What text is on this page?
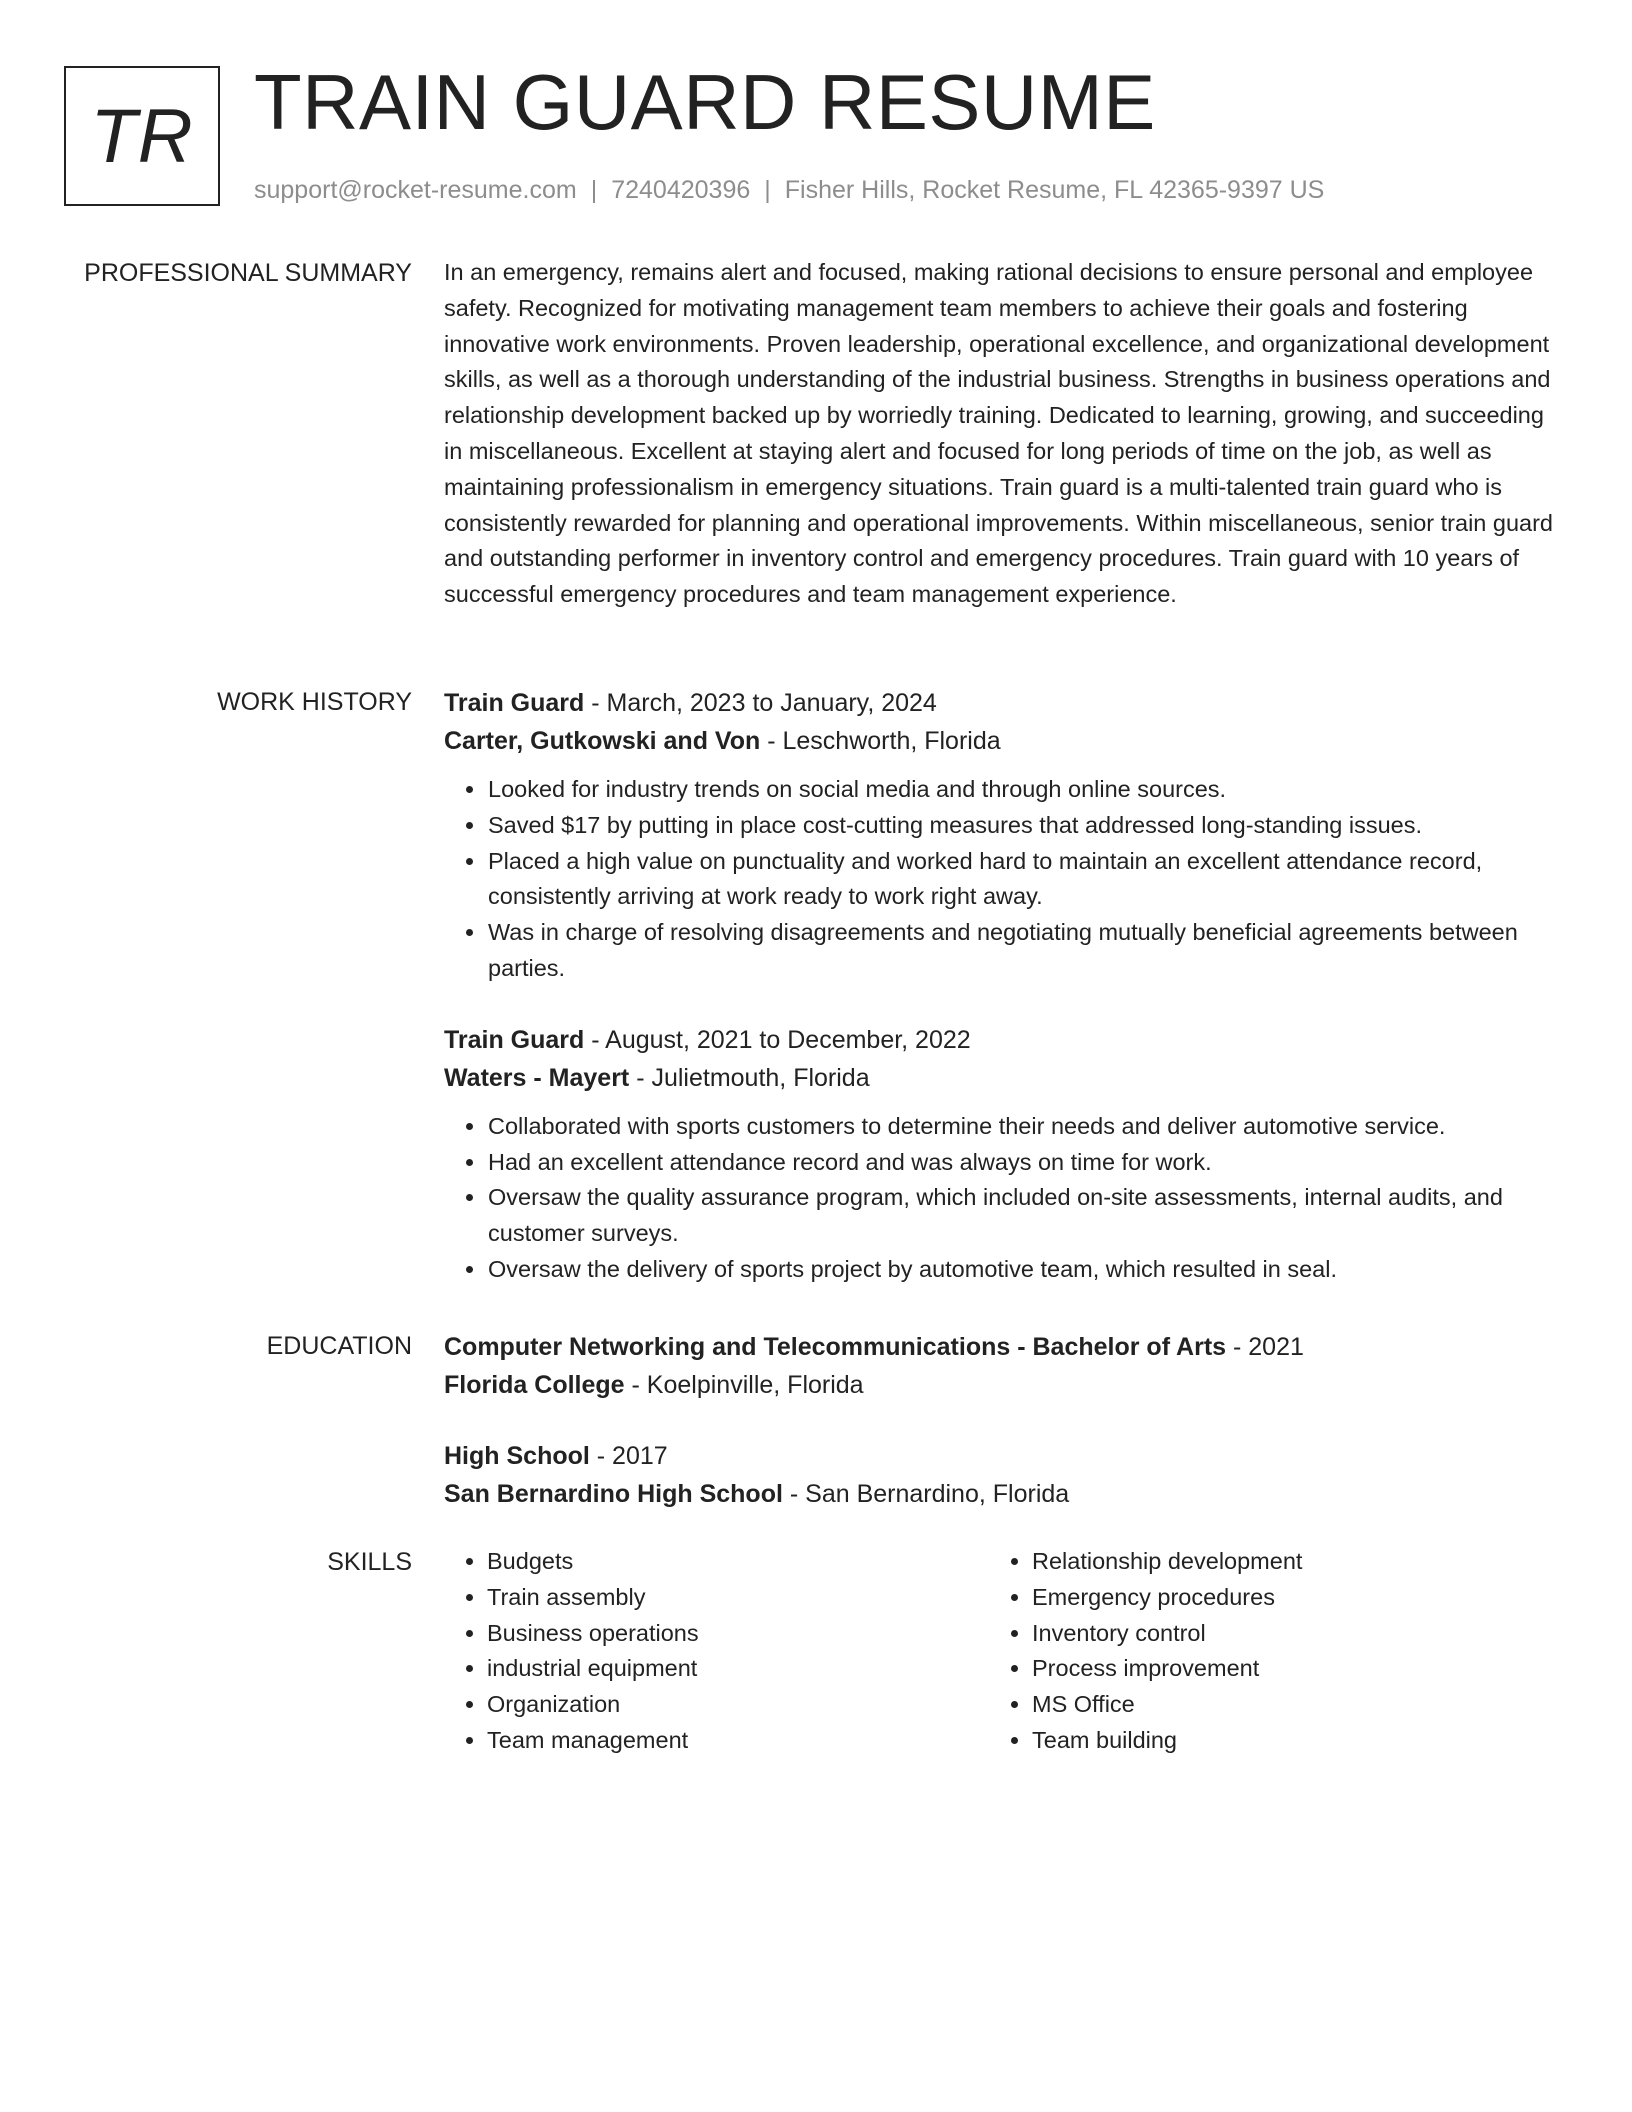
TR TRAIN GUARD RESUME
support@rocket-resume.com | 7240420396 | Fisher Hills, Rocket Resume, FL 42365-9397 US
PROFESSIONAL SUMMARY In an emergency, remains alert and focused, making rational decisions to ensure personal and employee safety. Recognized for motivating management team members to achieve their goals and fostering innovative work environments. Proven leadership, operational excellence, and organizational development skills, as well as a thorough understanding of the industrial business. Strengths in business operations and relationship development backed up by worriedly training. Dedicated to learning, growing, and succeeding in miscellaneous. Excellent at staying alert and focused for long periods of time on the job, as well as maintaining professionalism in emergency situations. Train guard is a multi-talented train guard who is consistently rewarded for planning and operational improvements. Within miscellaneous, senior train guard and outstanding performer in inventory control and emergency procedures. Train guard with 10 years of successful emergency procedures and team management experience.

WORK HISTORY Train Guard - March, 2023 to January, 2024
Carter, Gutkowski and Von - Leschworth, Florida
• Looked for industry trends on social media and through online sources.
• Saved $17 by putting in place cost-cutting measures that addressed long-standing issues.
• Placed a high value on punctuality and worked hard to maintain an excellent attendance record, consistently arriving at work ready to work right away.
• Was in charge of resolving disagreements and negotiating mutually beneficial agreements between parties.
Train Guard - August, 2021 to December, 2022
Waters - Mayert - Julietmouth, Florida
• Collaborated with sports customers to determine their needs and deliver automotive service.
• Had an excellent attendance record and was always on time for work.
• Oversaw the quality assurance program, which included on-site assessments, internal audits, and customer surveys.
• Oversaw the delivery of sports project by automotive team, which resulted in seal.
EDUCATION Computer Networking and Telecommunications - Bachelor of Arts - 2021
Florida College - Koelpinville, Florida
High School - 2017
San Bernardino High School - San Bernardino, Florida
SKILLS
•	Budgets
• Train assembly
• Business operations
• industrial equipment
• Organization
• Team management
• Relationship development
• Emergency procedures
• Inventory control
• Process improvement
• MS Office
• Team building
